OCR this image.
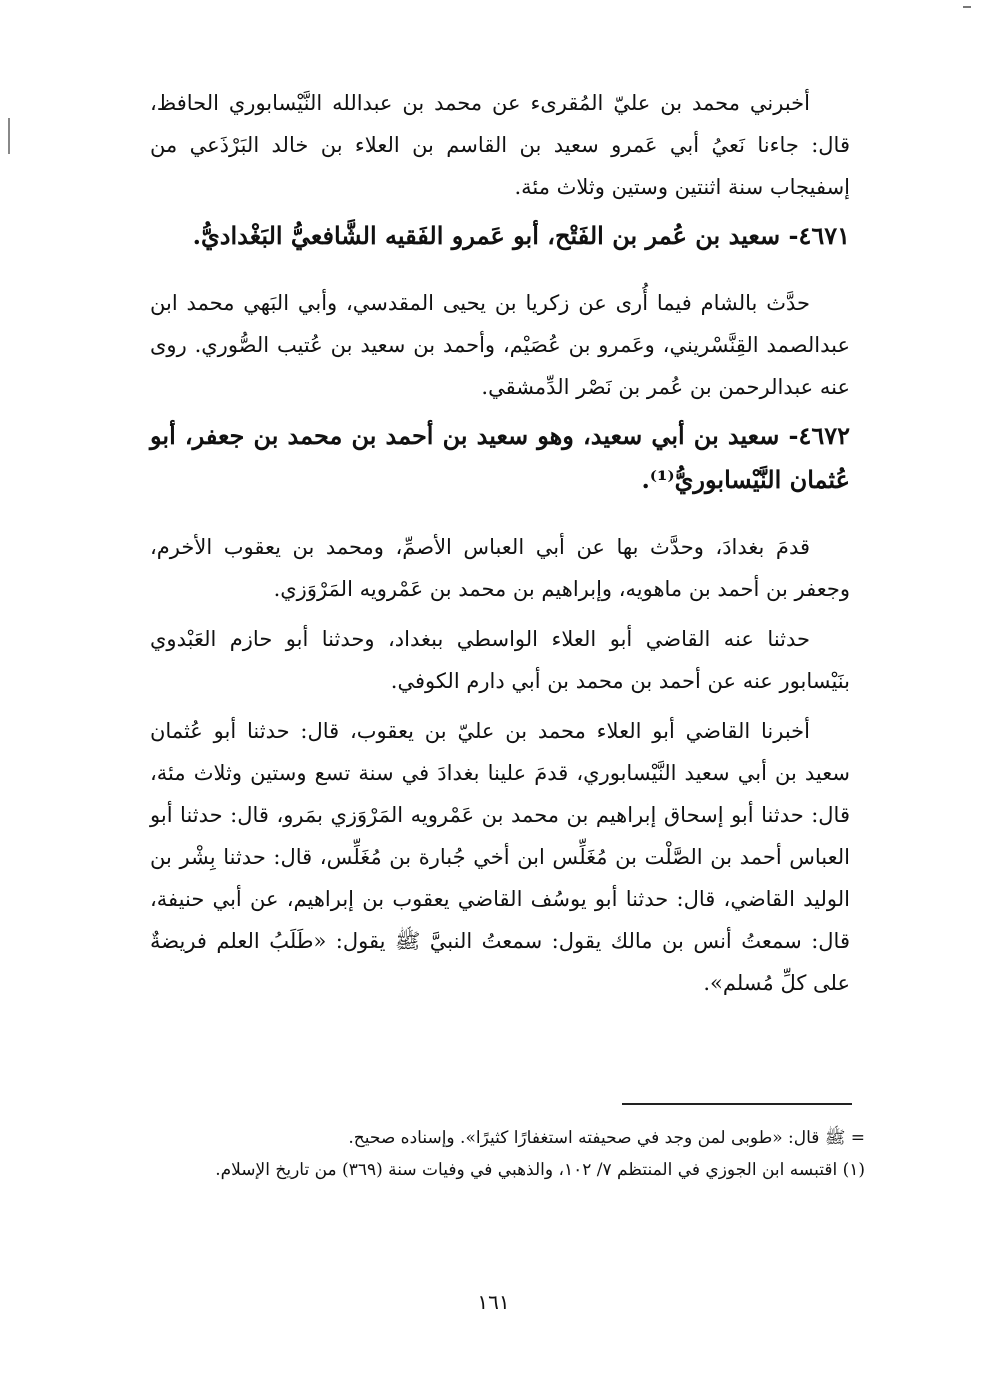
أخبرني محمد بن عليّ المُقرىء عن محمد بن عبدالله النَّيْسابوري الحافظ، قال: جاءنا نَعيُ أبي عَمرو سعيد بن القاسم بن العلاء بن خالد البَرْذَعي من إسفيجاب سنة اثنتين وستين وثلاث مئة.

٤٦٧١- سعيد بن عُمر بن الفَتْح، أبو عَمرو الفَقيه الشَّافعيُّ البَغْداديُّ.

حدَّث بالشام فيما أُرى عن زكريا بن يحيى المقدسي، وأبي البَهي محمد ابن عبدالصمد القِنَّسْريني، وعَمرو بن عُصَيْم، وأحمد بن سعيد بن عُتيب الصُّوري. روى عنه عبدالرحمن بن عُمر بن نَصْر الدِّمشقي.

٤٦٧٢- سعيد بن أبي سعيد، وهو سعيد بن أحمد بن محمد بن جعفر، أبو عُثمان النَّيْسابوريُّ⁽¹⁾.

قدمَ بغدادَ، وحدَّث بها عن أبي العباس الأصمِّ، ومحمد بن يعقوب الأخرم، وجعفر بن أحمد بن ماهويه، وإبراهيم بن محمد بن عَمْرويه المَرْوَزي.

حدثنا عنه القاضي أبو العلاء الواسطي ببغداد، وحدثنا أبو حازم العَبْدوي بنَيْسابور عنه عن أحمد بن محمد بن أبي دارم الكوفي.

أخبرنا القاضي أبو العلاء محمد بن عليّ بن يعقوب، قال: حدثنا أبو عُثمان سعيد بن أبي سعيد النَّيْسابوري، قدمَ علينا بغدادَ في سنة تسع وستين وثلاث مئة، قال: حدثنا أبو إسحاق إبراهيم بن محمد بن عَمْرويه المَرْوَزي بمَرو، قال: حدثنا أبو العباس أحمد بن الصَّلْت بن مُغَلِّس ابن أخي جُبارة بن مُغَلِّس، قال: حدثنا بِشْر بن الوليد القاضي، قال: حدثنا أبو يوسُف القاضي يعقوب بن إبراهيم، عن أبي حنيفة، قال: سمعتُ أنس بن مالك يقول: سمعتُ النبيَّ ﷺ يقول: «طَلَبُ العلم فريضةٌ على كلِّ مُسلم».

= ﷺ قال: «طوبى لمن وجد في صحيفته استغفارًا كثيرًا». وإسناده صحيح.

(١) اقتبسه ابن الجوزي في المنتظم ٧/ ١٠٢، والذهبي في وفيات سنة (٣٦٩) من تاريخ الإسلام.

١٦١
